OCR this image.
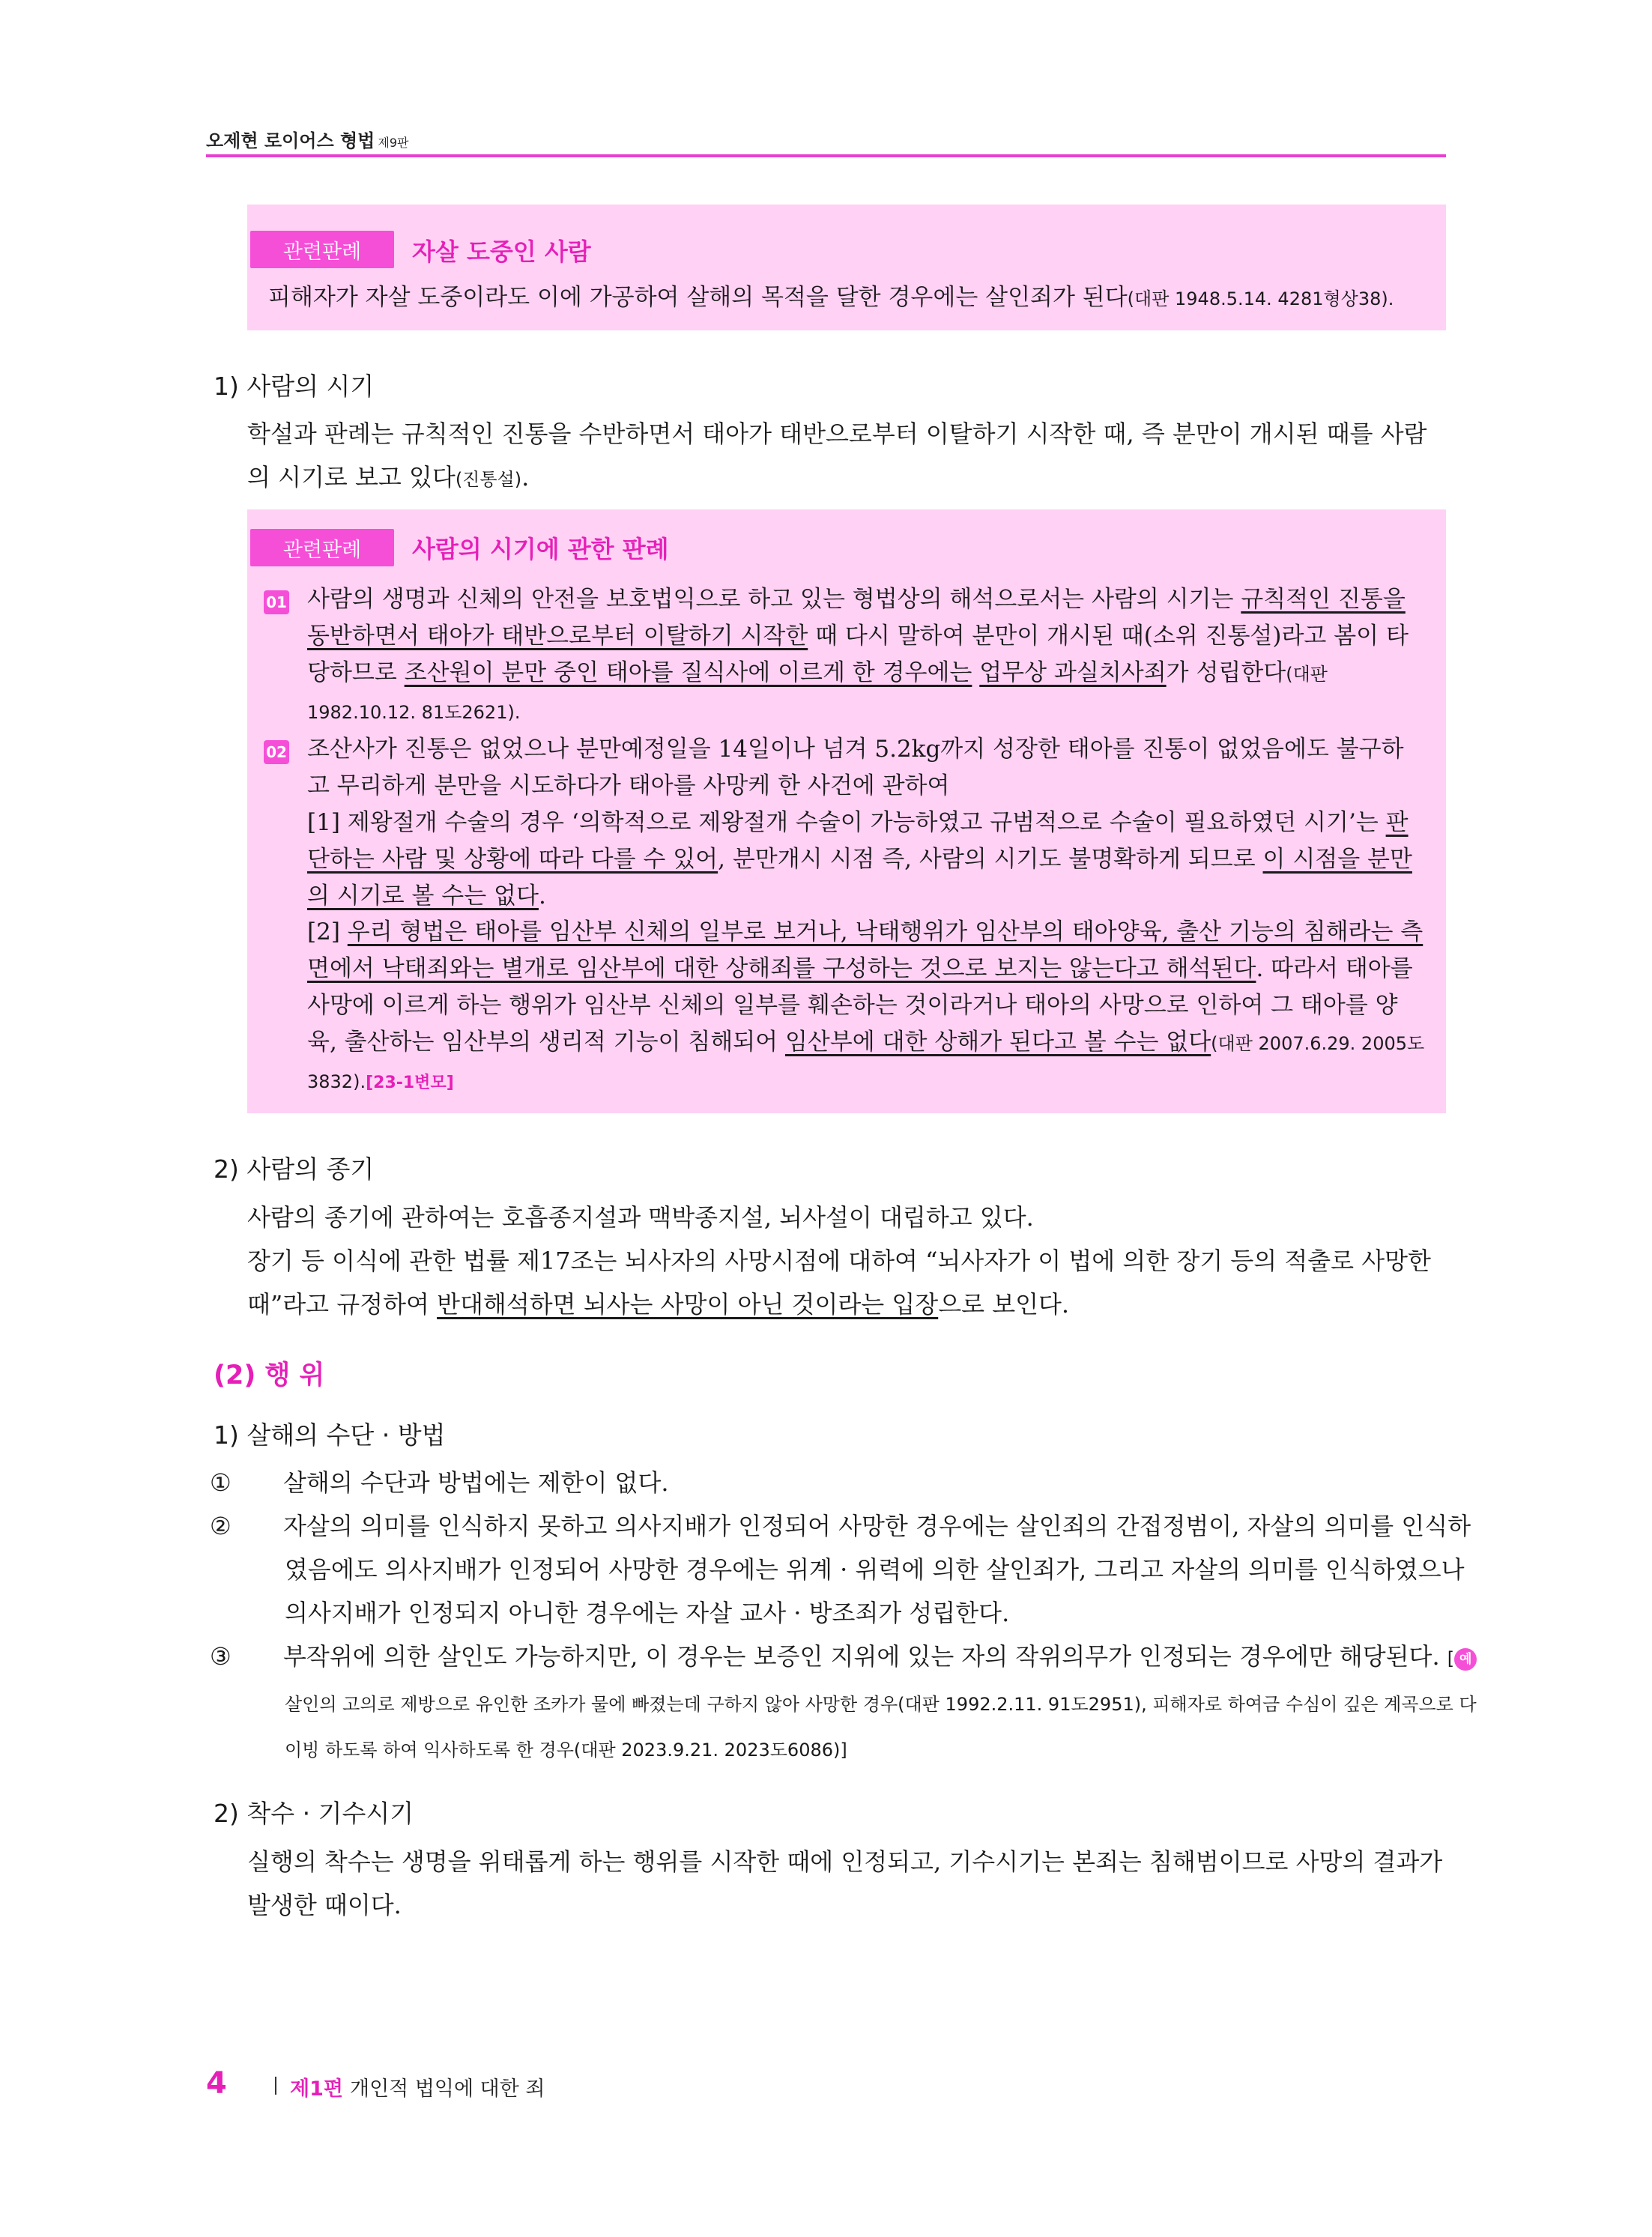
오제현 로이어스 형법 제9판
관련판례	자살 도중인 사람
피해자가 자살 도중이라도 이에 가공하여 살해의 목적을 달한 경우에는 살인죄가 된다(대판 1948.5.14. 4281형상38).
1) 사람의 시기
학설과 판례는 규칙적인 진통을 수반하면서 태아가 태반으로부터 이탈하기 시작한 때, 즉 분만이 개시된 때를 사람의 시기로 보고 있다(진통설).
관련판례	사람의 시기에 관한 판례
01 사람의 생명과 신체의 안전을 보호법익으로 하고 있는 형법상의 해석으로서는 사람의 시기는 규칙적인 진통을 동반하면서 태아가 태반으로부터 이탈하기 시작한 때 다시 말하여 분만이 개시된 때(소위 진통설)라고 봄이 타당하므로 조산원이 분만 중인 태아를 질식사에 이르게 한 경우에는 업무상 과실치사죄가 성립한다(대판 1982.10.12. 81도2621).
02 조산사가 진통은 없었으나 분만예정일을 14일이나 넘겨 5.2kg까지 성장한 태아를 진통이 없었음에도 불구하고 무리하게 분만을 시도하다가 태아를 사망케 한 사건에 관하여
[1] 제왕절개 수술의 경우 ‘의학적으로 제왕절개 수술이 가능하였고 규범적으로 수술이 필요하였던 시기’는 판단하는 사람 및 상황에 따라 다를 수 있어, 분만개시 시점 즉, 사람의 시기도 불명확하게 되므로 이 시점을 분만의 시기로 볼 수는 없다.
[2] 우리 형법은 태아를 임산부 신체의 일부로 보거나, 낙태행위가 임산부의 태아양육, 출산 기능의 침해라는 측면에서 낙태죄와는 별개로 임산부에 대한 상해죄를 구성하는 것으로 보지는 않는다고 해석된다. 따라서 태아를 사망에 이르게 하는 행위가 임산부 신체의 일부를 훼손하는 것이라거나 태아의 사망으로 인하여 그 태아를 양육, 출산하는 임산부의 생리적 기능이 침해되어 임산부에 대한 상해가 된다고 볼 수는 없다(대판 2007.6.29. 2005도3832).[23-1변모]
2) 사람의 종기
사람의 종기에 관하여는 호흡종지설과 맥박종지설, 뇌사설이 대립하고 있다.
장기 등 이식에 관한 법률 제17조는 뇌사자의 사망시점에 대하여 “뇌사자가 이 법에 의한 장기 등의 적출로 사망한 때”라고 규정하여 반대해석하면 뇌사는 사망이 아닌 것이라는 입장으로 보인다.
(2) 행 위
1) 살해의 수단 · 방법
① 살해의 수단과 방법에는 제한이 없다.
② 자살의 의미를 인식하지 못하고 의사지배가 인정되어 사망한 경우에는 살인죄의 간접정범이, 자살의 의미를 인식하였음에도 의사지배가 인정되어 사망한 경우에는 위계 · 위력에 의한 살인죄가, 그리고 자살의 의미를 인식하였으나 의사지배가 인정되지 아니한 경우에는 자살 교사 · 방조죄가 성립한다.
③ 부작위에 의한 살인도 가능하지만, 이 경우는 보증인 지위에 있는 자의 작위의무가 인정되는 경우에만 해당된다. [ 예 살인의 고의로 제방으로 유인한 조카가 물에 빠졌는데 구하지 않아 사망한 경우(대판 1992.2.11. 91도2951), 피해자로 하여금 수심이 깊은 계곡으로 다이빙 하도록 하여 익사하도록 한 경우(대판 2023.9.21. 2023도6086)]
2) 착수 · 기수시기
실행의 착수는 생명을 위태롭게 하는 행위를 시작한 때에 인정되고, 기수시기는 본죄는 침해범이므로 사망의 결과가 발생한 때이다.
4	제1편 개인적 법익에 대한 죄
